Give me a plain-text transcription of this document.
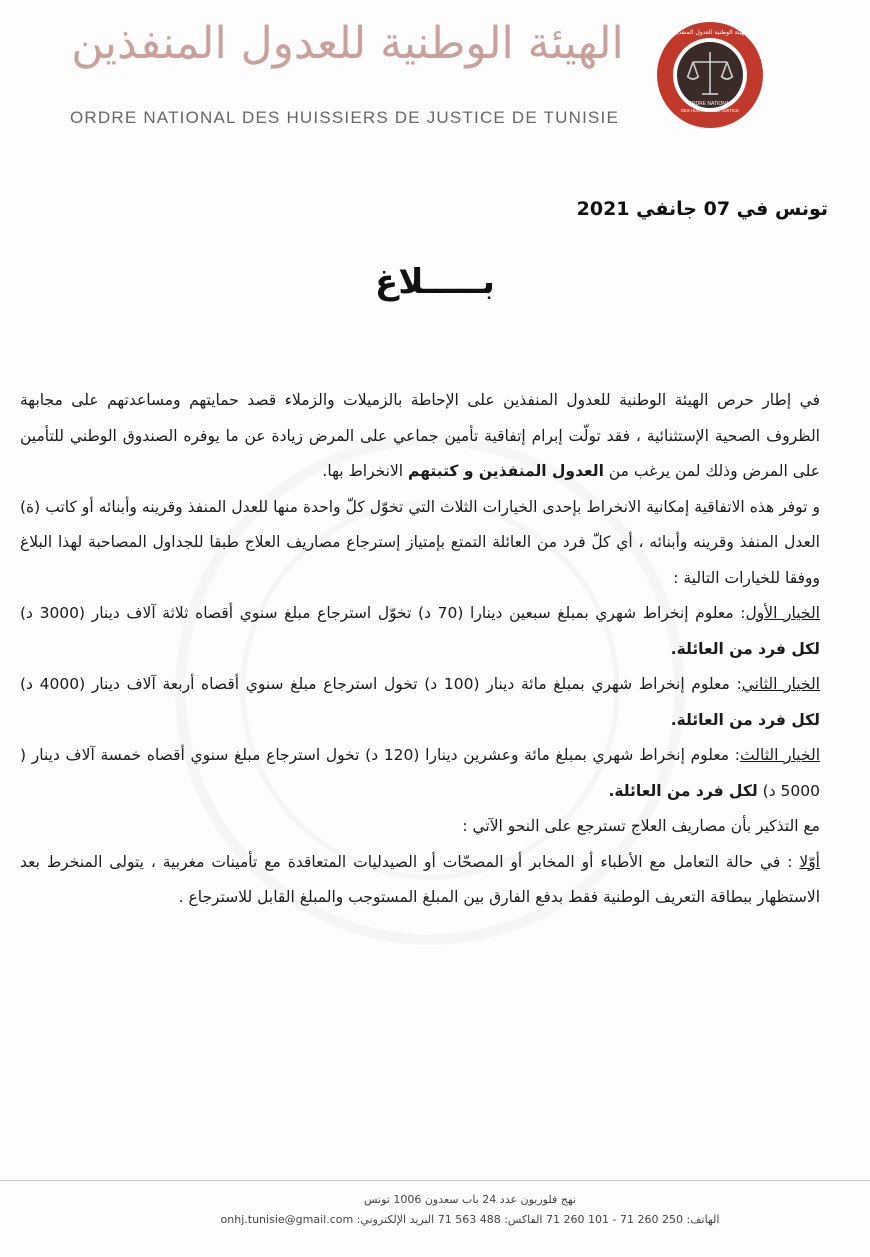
الهيئة الوطنية للعدول المنفذين
ORDRE NATIONAL DES HUISSIERS DE JUSTICE DE TUNISIE
ORDRE NATIONAL
DES HUISSIERS DE JUSTICE
الهيئة الوطنية للعدول المنفذين
تونس في 07 جانفي 2021
بـــــلاغ

في إطار حرص الهيئة الوطنية للعدول المنفذين على الإحاطة بالزميلات والزملاء قصد حمايتهم ومساعدتهم على مجابهة الظروف الصحية الإستثنائية ، فقد تولّت إبرام إتفاقية تأمين جماعي على المرض زيادة عن ما يوفره الصندوق الوطني للتأمين على المرض وذلك لمن يرغب من العدول المنفذين و كتبتهم الانخراط بها.

و توفر هذه الاتفاقية إمكانية الانخراط بإحدى الخيارات الثلاث التي تخوّل كلّ واحدة منها للعدل المنفذ وقرينه وأبنائه أو كاتب (ة) العدل المنفذ وقرينه وأبنائه ، أي كلّ فرد من العائلة التمتع بإمتياز إسترجاع مصاريف العلاج طبقا للجداول المصاحبة لهذا البلاغ ووفقا للخيارات التالية :

الخيار الأول: معلوم إنخراط شهري بمبلغ سبعين دينارا (70 د) تخوّل استرجاع مبلغ سنوي أقصاه ثلاثة آلاف دينار (3000 د) لكل فرد من العائلة.

الخيار الثاني: معلوم إنخراط شهري بمبلغ مائة دينار (100 د) تخول استرجاع مبلغ سنوي أقصاه أربعة آلاف دينار (4000 د) لكل فرد من العائلة.

الخيار الثالث: معلوم إنخراط شهري بمبلغ مائة وعشرين دينارا (120 د) تخول استرجاع مبلغ سنوي أقصاه خمسة آلاف دينار ( 5000 د) لكل فرد من العائلة.

مع التذكير بأن مصاريف العلاج تسترجع على النحو الآتي :

أوّلا : في حالة التعامل مع الأطباء أو المخابر أو المصحّات أو الصيدليات المتعاقدة مع تأمينات مغربية ، يتولى المنخرط بعد الاستظهار ببطاقة التعريف الوطنية فقط بدفع الفارق بين المبلغ المستوجب والمبلغ القابل للاسترجاع .

نهج فلوريون عدد 24 باب سعدون 1006 تونس
الهاتف: 250 260 71 - 101 260 71 الفاكس: 488 563 71 البريد الإلكتروني: onhj.tunisie@gmail.com
